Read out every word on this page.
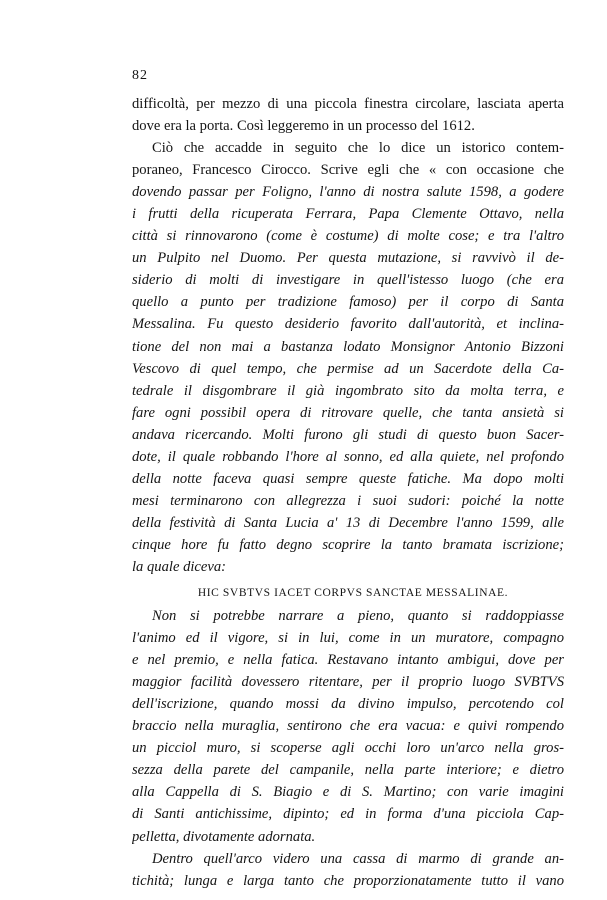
82
difficoltà, per mezzo di una piccola finestra circolare, lasciata aperta
dove era la porta. Così leggeremo in un processo del 1612.
Ciò che accadde in seguito che lo dice un istorico contem-
poraneo, Francesco Cirocco. Scrive egli che « con occasione che
dovendo passar per Foligno, l'anno di nostra salute 1598, a godere
i frutti della ricuperata Ferrara, Papa Clemente Ottavo, nella
città si rinnovarono (come è costume) di molte cose; e tra l'altro
un Pulpito nel Duomo. Per questa mutazione, si ravvivò il de-
siderio di molti di investigare in quell'istesso luogo (che era
quello a punto per tradizione famoso) per il corpo di Santa
Messalina. Fu questo desiderio favorito dall'autorità, et inclina-
tione del non mai a bastanza lodato Monsignor Antonio Bizzoni
Vescovo di quel tempo, che permise ad un Sacerdote della Ca-
tedrale il disgombrare il già ingombrato sito da molta terra, e
fare ogni possibil opera di ritrovare quelle, che tanta ansietà si
andava ricercando. Molti furono gli studi di questo buon Sacer-
dote, il quale robbando l'hore al sonno, ed alla quiete, nel profondo
della notte faceva quasi sempre queste fatiche. Ma dopo molti
mesi terminarono con allegrezza i suoi sudori: poiché la notte
della festività di Santa Lucia a' 13 di Decembre l'anno 1599, alle
cinque hore fu fatto degno scoprire la tanto bramata iscrizione;
la quale diceva:
HIC SVBTVS IACET CORPVS SANCTAE MESSALINAE.
Non si potrebbe narrare a pieno, quanto si raddoppiasse
l'animo ed il vigore, si in lui, come in un muratore, compagno
e nel premio, e nella fatica. Restavano intanto ambigui, dove per
maggior facilità dovessero ritentare, per il proprio luogo SVBTVS
dell'iscrizione, quando mossi da divino impulso, percotendo col
braccio nella muraglia, sentirono che era vacua: e quivi rompendo
un picciol muro, si scoperse agli occhi loro un'arco nella gros-
sezza della parete del campanile, nella parte interiore; e dietro
alla Cappella di S. Biagio e di S. Martino; con varie imagini
di Santi antichissime, dipinto; ed in forma d'una picciola Cap-
pelletta, divotamente adornata.
Dentro quell'arco videro una cassa di marmo di grande an-
tichità; lunga e larga tanto che proporzionatamente tutto il vano
